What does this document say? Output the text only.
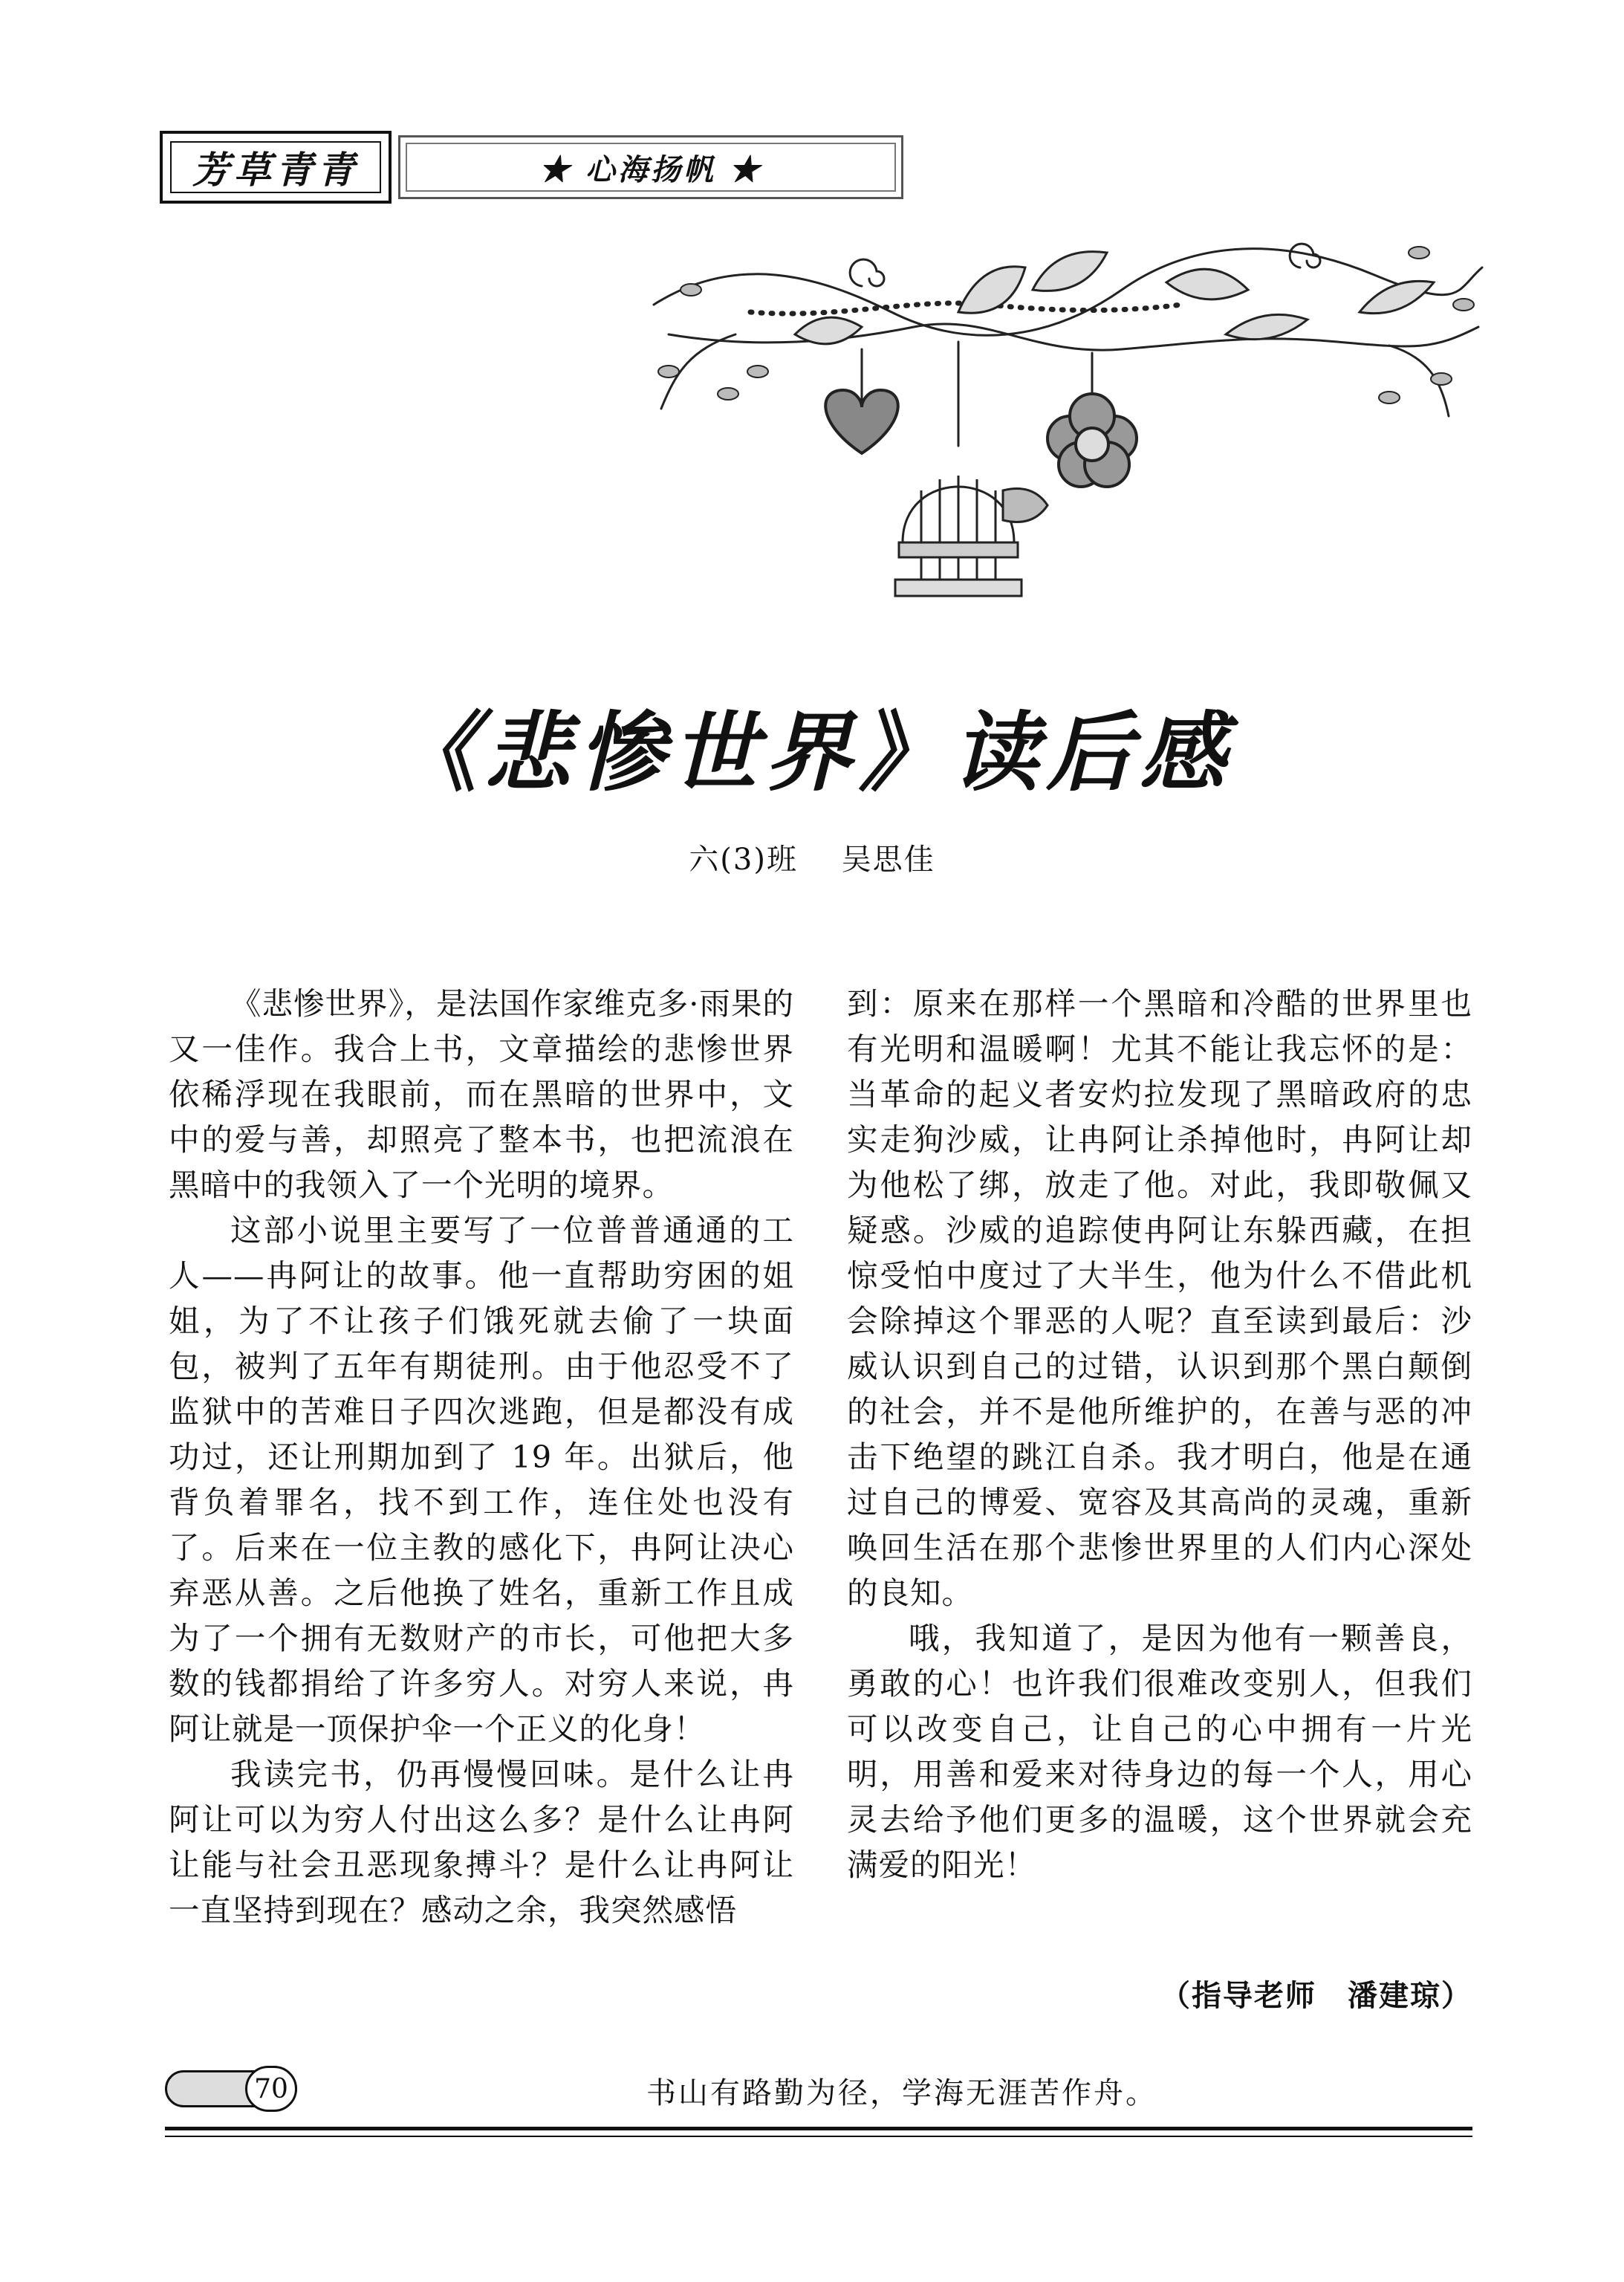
芳草青青	★ 心海扬帆 ★
《悲惨世界》读后感
六(3)班 吴思佳

《悲惨世界》，是法国作家维克多·雨果的又一佳作。我合上书，文章描绘的悲惨世界依稀浮现在我眼前，而在黑暗的世界中，文中的爱与善，却照亮了整本书，也把流浪在黑暗中的我领入了一个光明的境界。

这部小说里主要写了一位普普通通的工人——冉阿让的故事。他一直帮助穷困的姐姐，为了不让孩子们饿死就去偷了一块面包，被判了五年有期徒刑。由于他忍受不了监狱中的苦难日子四次逃跑，但是都没有成功过，还让刑期加到了 19 年。出狱后，他背负着罪名，找不到工作，连住处也没有了。后来在一位主教的感化下，冉阿让决心弃恶从善。之后他换了姓名，重新工作且成为了一个拥有无数财产的市长，可他把大多数的钱都捐给了许多穷人。对穷人来说，冉阿让就是一顶保护伞一个正义的化身！

我读完书，仍再慢慢回味。是什么让冉阿让可以为穷人付出这么多？是什么让冉阿让能与社会丑恶现象搏斗？是什么让冉阿让一直坚持到现在？感动之余，我突然感悟

到：原来在那样一个黑暗和冷酷的世界里也有光明和温暖啊！尤其不能让我忘怀的是：当革命的起义者安灼拉发现了黑暗政府的忠实走狗沙威，让冉阿让杀掉他时，冉阿让却为他松了绑，放走了他。对此，我即敬佩又疑惑。沙威的追踪使冉阿让东躲西藏，在担惊受怕中度过了大半生，他为什么不借此机会除掉这个罪恶的人呢？直至读到最后：沙威认识到自己的过错，认识到那个黑白颠倒的社会，并不是他所维护的，在善与恶的冲击下绝望的跳江自杀。我才明白，他是在通过自己的博爱、宽容及其高尚的灵魂，重新唤回生活在那个悲惨世界里的人们内心深处的良知。

哦，我知道了，是因为他有一颗善良，勇敢的心！也许我们很难改变别人，但我们可以改变自己，让自己的心中拥有一片光明，用善和爱来对待身边的每一个人，用心灵去给予他们更多的温暖，这个世界就会充满爱的阳光！

（指导老师　潘建琼）
70	书山有路勤为径，学海无涯苦作舟。
